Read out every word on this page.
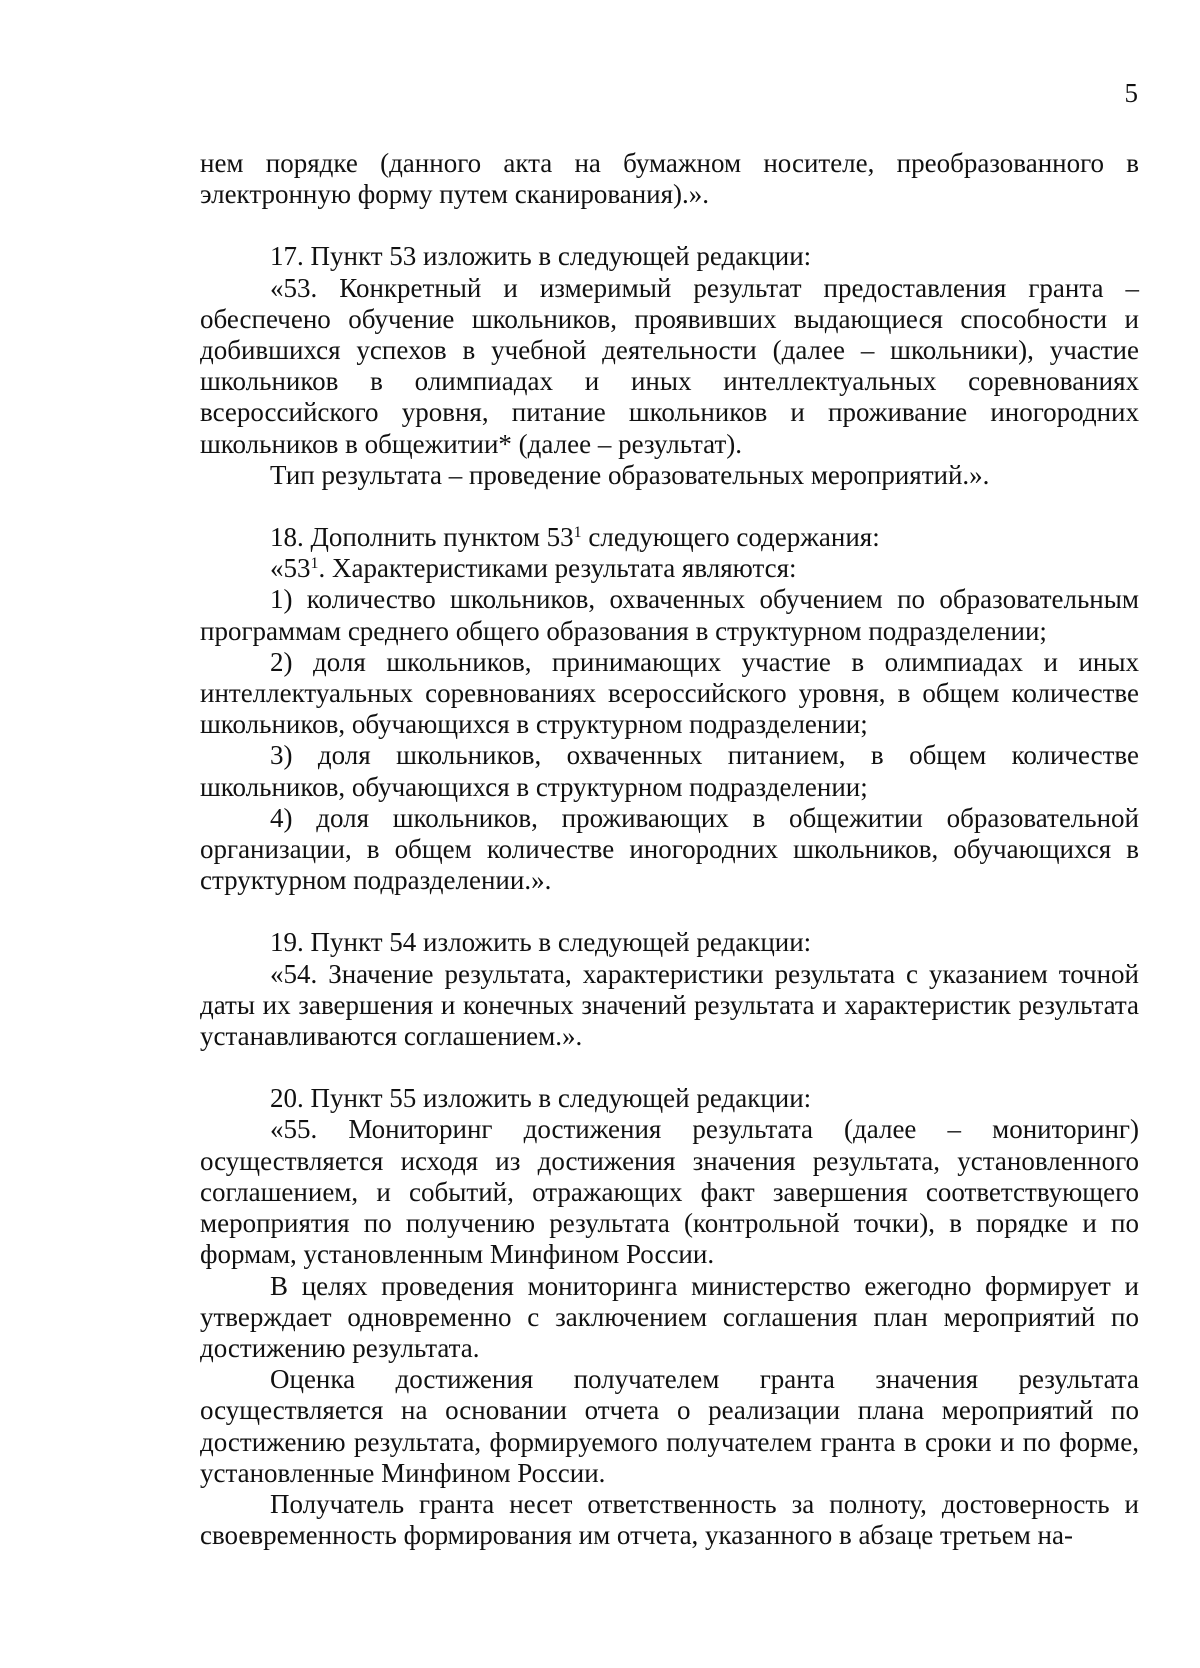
5

нем порядке (данного акта на бумажном носителе, преобразованного в электронную форму путем сканирования).».

17. Пункт 53 изложить в следующей редакции:

«53. Конкретный и измеримый результат предоставления гранта – обеспечено обучение школьников, проявивших выдающиеся способности и добившихся успехов в учебной деятельности (далее – школьники), участие школьников в олимпиадах и иных интеллектуальных соревнованиях всероссийского уровня, питание школьников и проживание иногородних школьников в общежитии* (далее – результат).

Тип результата – проведение образовательных мероприятий.».

18. Дополнить пунктом $53^1$ следующего содержания:

«$53^1$. Характеристиками результата являются:

1) количество школьников, охваченных обучением по образовательным программам среднего общего образования в структурном подразделении;

2) доля школьников, принимающих участие в олимпиадах и иных интеллектуальных соревнованиях всероссийского уровня, в общем количестве школьников, обучающихся в структурном подразделении;

3) доля школьников, охваченных питанием, в общем количестве школьников, обучающихся в структурном подразделении;

4) доля школьников, проживающих в общежитии образовательной организации, в общем количестве иногородних школьников, обучающихся в структурном подразделении.».

19. Пункт 54 изложить в следующей редакции:

«54. Значение результата, характеристики результата с указанием точной даты их завершения и конечных значений результата и характеристик результата устанавливаются соглашением.».

20. Пункт 55 изложить в следующей редакции:

«55. Мониторинг достижения результата (далее – мониторинг) осуществляется исходя из достижения значения результата, установленного соглашением, и событий, отражающих факт завершения соответствующего мероприятия по получению результата (контрольной точки), в порядке и по формам, установленным Минфином России.

В целях проведения мониторинга министерство ежегодно формирует и утверждает одновременно с заключением соглашения план мероприятий по достижению результата.

Оценка достижения получателем гранта значения результата осуществляется на основании отчета о реализации плана мероприятий по достижению результата, формируемого получателем гранта в сроки и по форме, установленные Минфином России.

Получатель гранта несет ответственность за полноту, достоверность и своевременность формирования им отчета, указанного в абзаце третьем на-
